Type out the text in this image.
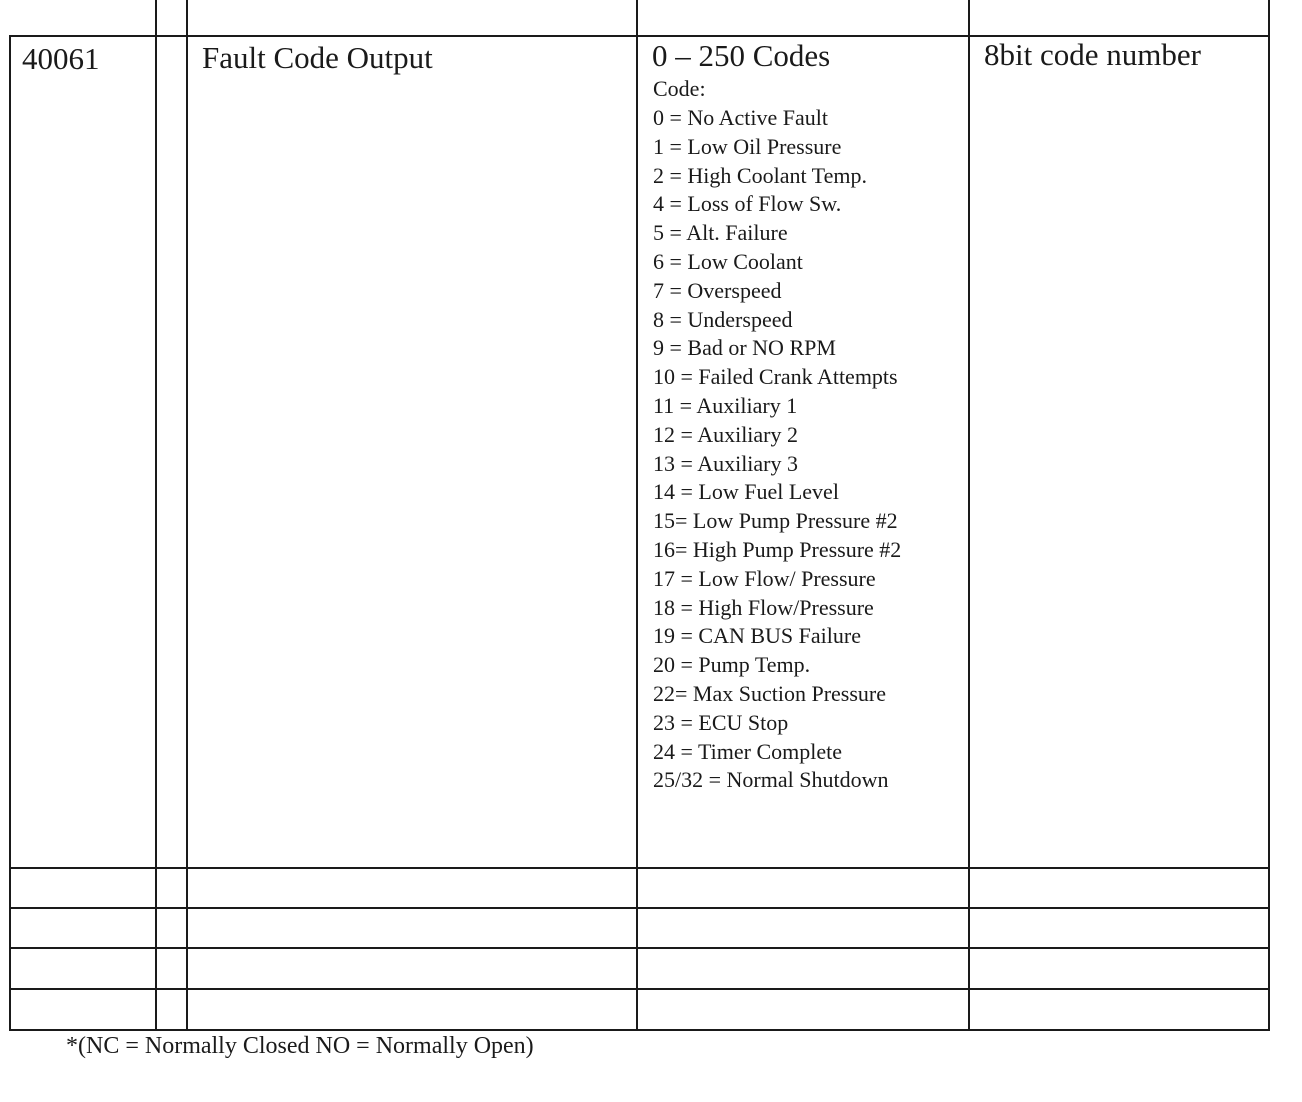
40061	Fault Code Output	0 – 250 Codes	8bit code number
Code:
0 = No Active Fault
1 = Low Oil Pressure
2 = High Coolant Temp.
4 = Loss of Flow Sw.
5 = Alt. Failure
6 = Low Coolant
7 = Overspeed
8 = Underspeed
9 = Bad or NO RPM
10 = Failed Crank Attempts
11 = Auxiliary 1
12 = Auxiliary 2
13 = Auxiliary 3
14 = Low Fuel Level
15= Low Pump Pressure #2
16= High Pump Pressure #2
17 = Low Flow/ Pressure
18 = High Flow/Pressure
19 = CAN BUS Failure
20 = Pump Temp.
22= Max Suction Pressure
23 = ECU Stop
24 = Timer Complete
25/32 = Normal Shutdown
*(NC = Normally Closed NO = Normally Open)
